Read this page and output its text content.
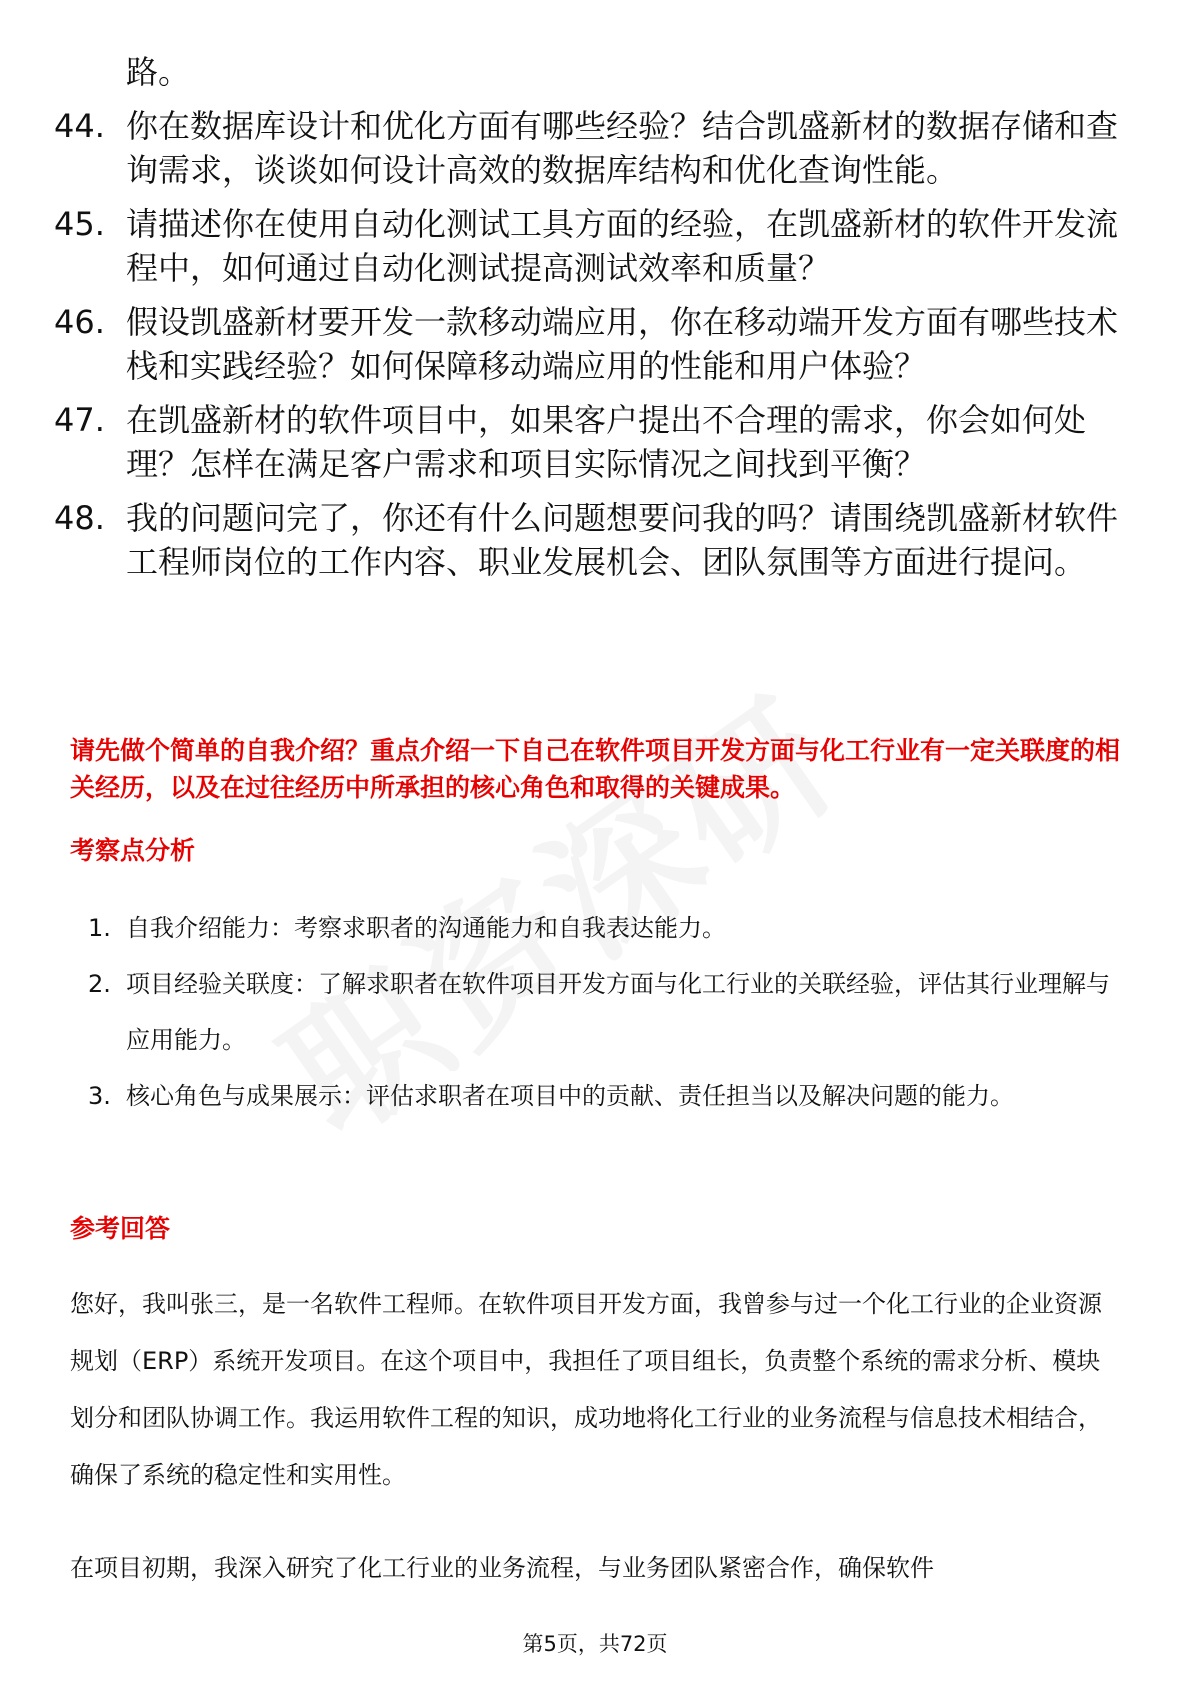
路。
44. 你在数据库设计和优化方面有哪些经验？结合凯盛新材的数据存储和查询需求，谈谈如何设计高效的数据库结构和优化查询性能。
45. 请描述你在使用自动化测试工具方面的经验，在凯盛新材的软件开发流程中，如何通过自动化测试提高测试效率和质量？
46. 假设凯盛新材要开发一款移动端应用，你在移动端开发方面有哪些技术栈和实践经验？如何保障移动端应用的性能和用户体验？
47. 在凯盛新材的软件项目中，如果客户提出不合理的需求，你会如何处理？怎样在满足客户需求和项目实际情况之间找到平衡？
48. 我的问题问完了，你还有什么问题想要问我的吗？请围绕凯盛新材软件工程师岗位的工作内容、职业发展机会、团队氛围等方面进行提问。
请先做个简单的自我介绍？重点介绍一下自己在软件项目开发方面与化工行业有一定关联度的相关经历，以及在过往经历中所承担的核心角色和取得的关键成果。
考察点分析
1. 自我介绍能力：考察求职者的沟通能力和自我表达能力。
2. 项目经验关联度：了解求职者在软件项目开发方面与化工行业的关联经验，评估其行业理解与应用能力。
3. 核心角色与成果展示：评估求职者在项目中的贡献、责任担当以及解决问题的能力。
参考回答
您好，我叫张三，是一名软件工程师。在软件项目开发方面，我曾参与过一个化工行业的企业资源规划（ERP）系统开发项目。在这个项目中，我担任了项目组长，负责整个系统的需求分析、模块划分和团队协调工作。我运用软件工程的知识，成功地将化工行业的业务流程与信息技术相结合，确保了系统的稳定性和实用性。
在项目初期，我深入研究了化工行业的业务流程，与业务团队紧密合作，确保软件
第5页，共72页
